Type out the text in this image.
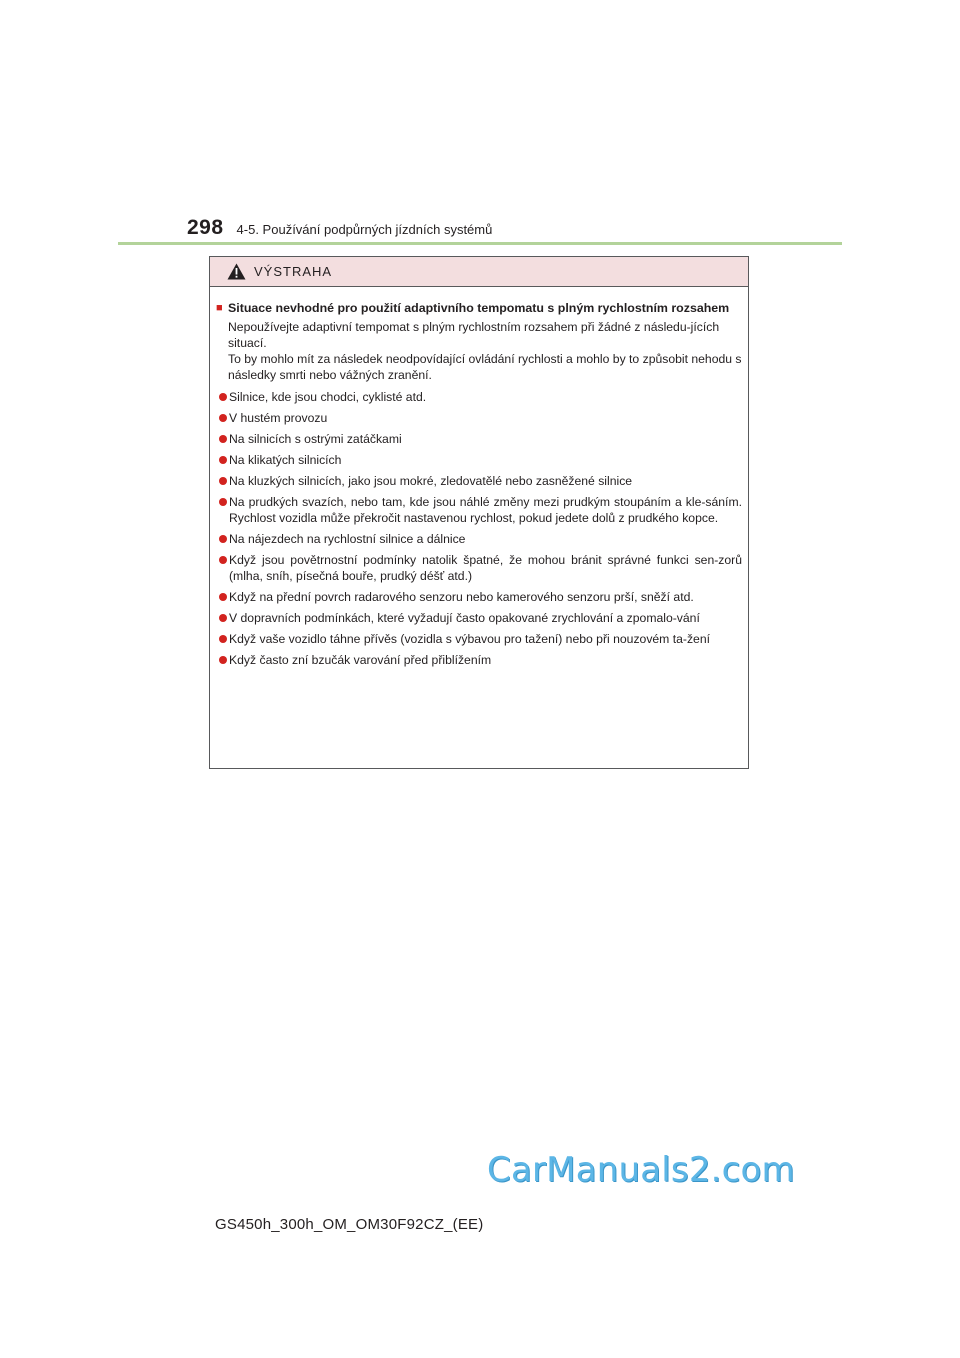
298 4-5. Používání podpůrných jízdních systémů
VÝSTRAHA
■ Situace nevhodné pro použití adaptivního tempomatu s plným rychlostním rozsahem

Nepoužívejte adaptivní tempomat s plným rychlostním rozsahem při žádné z následu-jících situací.

To by mohlo mít za následek neodpovídající ovládání rychlosti a mohlo by to způsobit nehodu s následky smrti nebo vážných zranění.

Silnice, kde jsou chodci, cyklisté atd.
V hustém provozu
Na silnicích s ostrými zatáčkami
Na klikatých silnicích
Na kluzkých silnicích, jako jsou mokré, zledovatělé nebo zasněžené silnice
Na prudkých svazích, nebo tam, kde jsou náhlé změny mezi prudkým stoupáním a kle-sáním. Rychlost vozidla může překročit nastavenou rychlost, pokud jedete dolů z prudkého kopce.
Na nájezdech na rychlostní silnice a dálnice
Když jsou povětrnostní podmínky natolik špatné, že mohou bránit správné funkci sen-zorů (mlha, sníh, písečná bouře, prudký déšť atd.)
Když na přední povrch radarového senzoru nebo kamerového senzoru prší, sněží atd.
V dopravních podmínkách, které vyžadují často opakované zrychlování a zpomalo-vání
Když vaše vozidlo táhne přívěs (vozidla s výbavou pro tažení) nebo při nouzovém ta-žení
Když často zní bzučák varování před přiblížením
CarManuals2.com
GS450h_300h_OM_OM30F92CZ_(EE)
